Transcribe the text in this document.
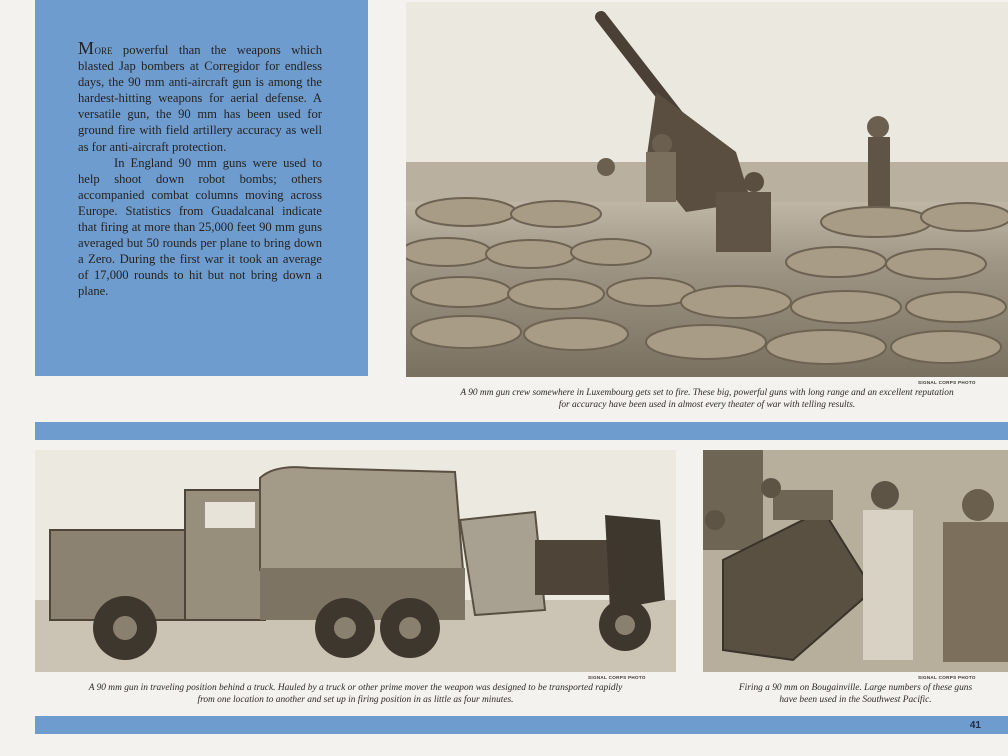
More powerful than the weapons which blasted Jap bombers at Corregidor for endless days, the 90 mm anti-aircraft gun is among the hardest-hitting weapons for aerial defense. A versatile gun, the 90 mm has been used for ground fire with field artillery accuracy as well as for anti-aircraft protection.

In England 90 mm guns were used to help shoot down robot bombs; others accompanied combat columns moving across Europe. Statistics from Guadalcanal indicate that firing at more than 25,000 feet 90 mm guns averaged but 50 rounds per plane to bring down a Zero. During the first war it took an average of 17,000 rounds to hit but not bring down a plane.

SIGNAL CORPS PHOTO
A 90 mm gun crew somewhere in Luxembourg gets set to fire. These big, powerful guns with long range and an excellent reputation
for accuracy have been used in almost every theater of war with telling results.
SIGNAL CORPS PHOTO
A 90 mm gun in traveling position behind a truck. Hauled by a truck or other prime mover the weapon was designed to be transported rapidly
from one location to another and set up in firing position in as little as four minutes.
SIGNAL CORPS PHOTO
Firing a 90 mm on Bougainville. Large numbers of these guns
have been used in the Southwest Pacific.
41
